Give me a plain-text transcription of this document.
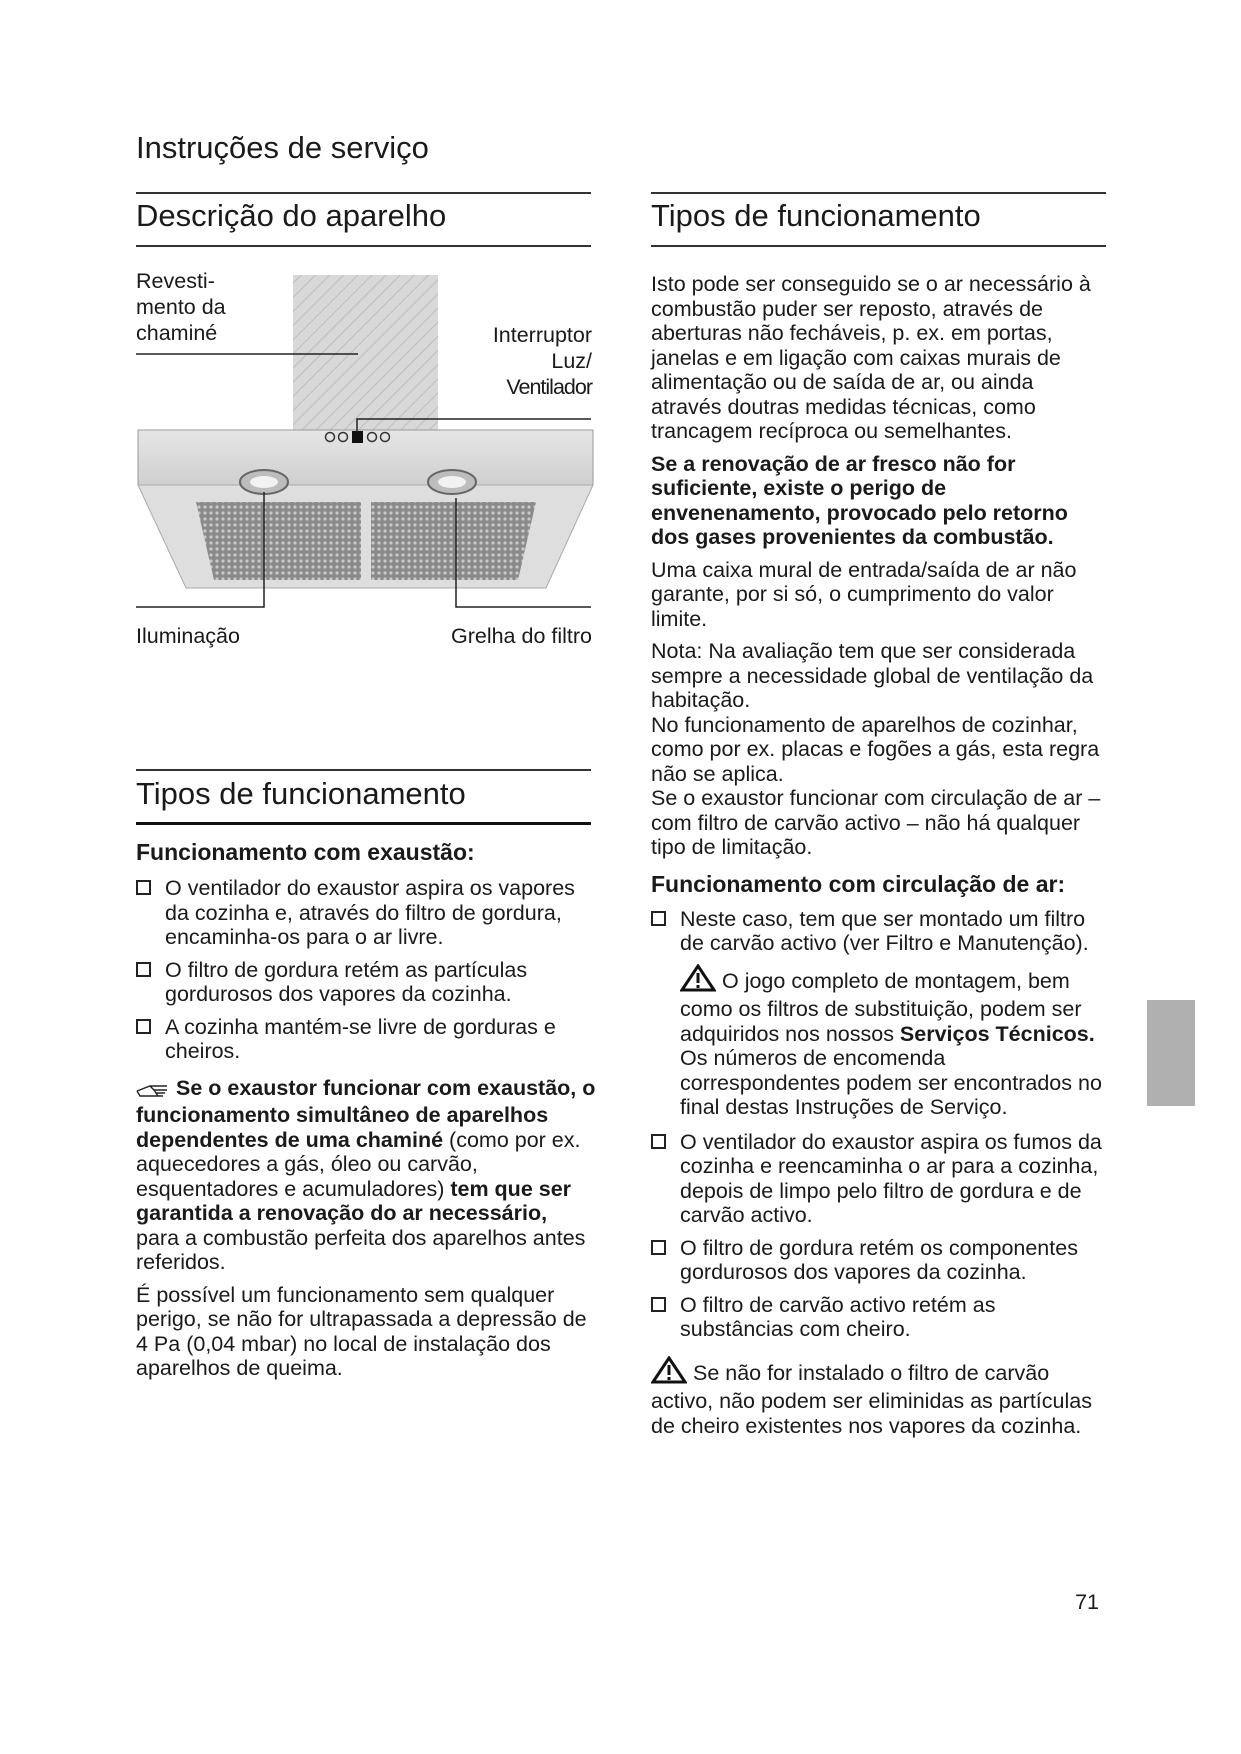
Instruções de serviço
Descrição do aparelho
Revesti-
mento da
chaminé	Interruptor
Luz/
Ventilador
Iluminação	Grelha do filtro
Tipos de funcionamento
Funcionamento com exaustão:
O ventilador do exaustor aspira os vapores da cozinha e, através do filtro de gordura, encaminha-os para o ar livre.
O filtro de gordura retém as partículas gordurosos dos vapores da cozinha.
A cozinha mantém-se livre de gorduras e cheiros.

Se o exaustor funcionar com exaustão, o funcionamento simultâneo de aparelhos dependentes de uma chaminé (como por ex. aquecedores a gás, óleo ou carvão, esquentadores e acumuladores) tem que ser garantida a renovação do ar necessário, para a combustão perfeita dos aparelhos antes referidos.

É possível um funcionamento sem qualquer perigo, se não for ultrapassada a depressão de 4 Pa (0,04 mbar) no local de instalação dos aparelhos de queima.

Tipos de funcionamento

Isto pode ser conseguido se o ar necessário à combustão puder ser reposto, através de aberturas não fecháveis, p. ex. em portas, janelas e em ligação com caixas murais de alimentação ou de saída de ar, ou ainda através doutras medidas técnicas, como trancagem recíproca ou semelhantes.

Se a renovação de ar fresco não for suficiente, existe o perigo de envenenamento, provocado pelo retorno dos gases provenientes da combustão.

Uma caixa mural de entrada/saída de ar não garante, por si só, o cumprimento do valor limite.

Nota: Na avaliação tem que ser considerada sempre a necessidade global de ventilação da habitação.

No funcionamento de aparelhos de cozinhar, como por ex. placas e fogões a gás, esta regra não se aplica.

Se o exaustor funcionar com circulação de ar – com filtro de carvão activo – não há qualquer tipo de limitação.

Funcionamento com circulação de ar:
Neste caso, tem que ser montado um filtro de carvão activo (ver Filtro e Manutenção).
O jogo completo de montagem, bem como os filtros de substituição, podem ser adquiridos nos nossos Serviços Técnicos.
Os números de encomenda correspondentes podem ser encontrados no final destas Instruções de Serviço.
O ventilador do exaustor aspira os fumos da cozinha e reencaminha o ar para a cozinha, depois de limpo pelo filtro de gordura e de carvão activo.
O filtro de gordura retém os componentes gordurosos dos vapores da cozinha.
O filtro de carvão activo retém as substâncias com cheiro.

Se não for instalado o filtro de carvão activo, não podem ser eliminidas as partículas de cheiro existentes nos vapores da cozinha.

71
